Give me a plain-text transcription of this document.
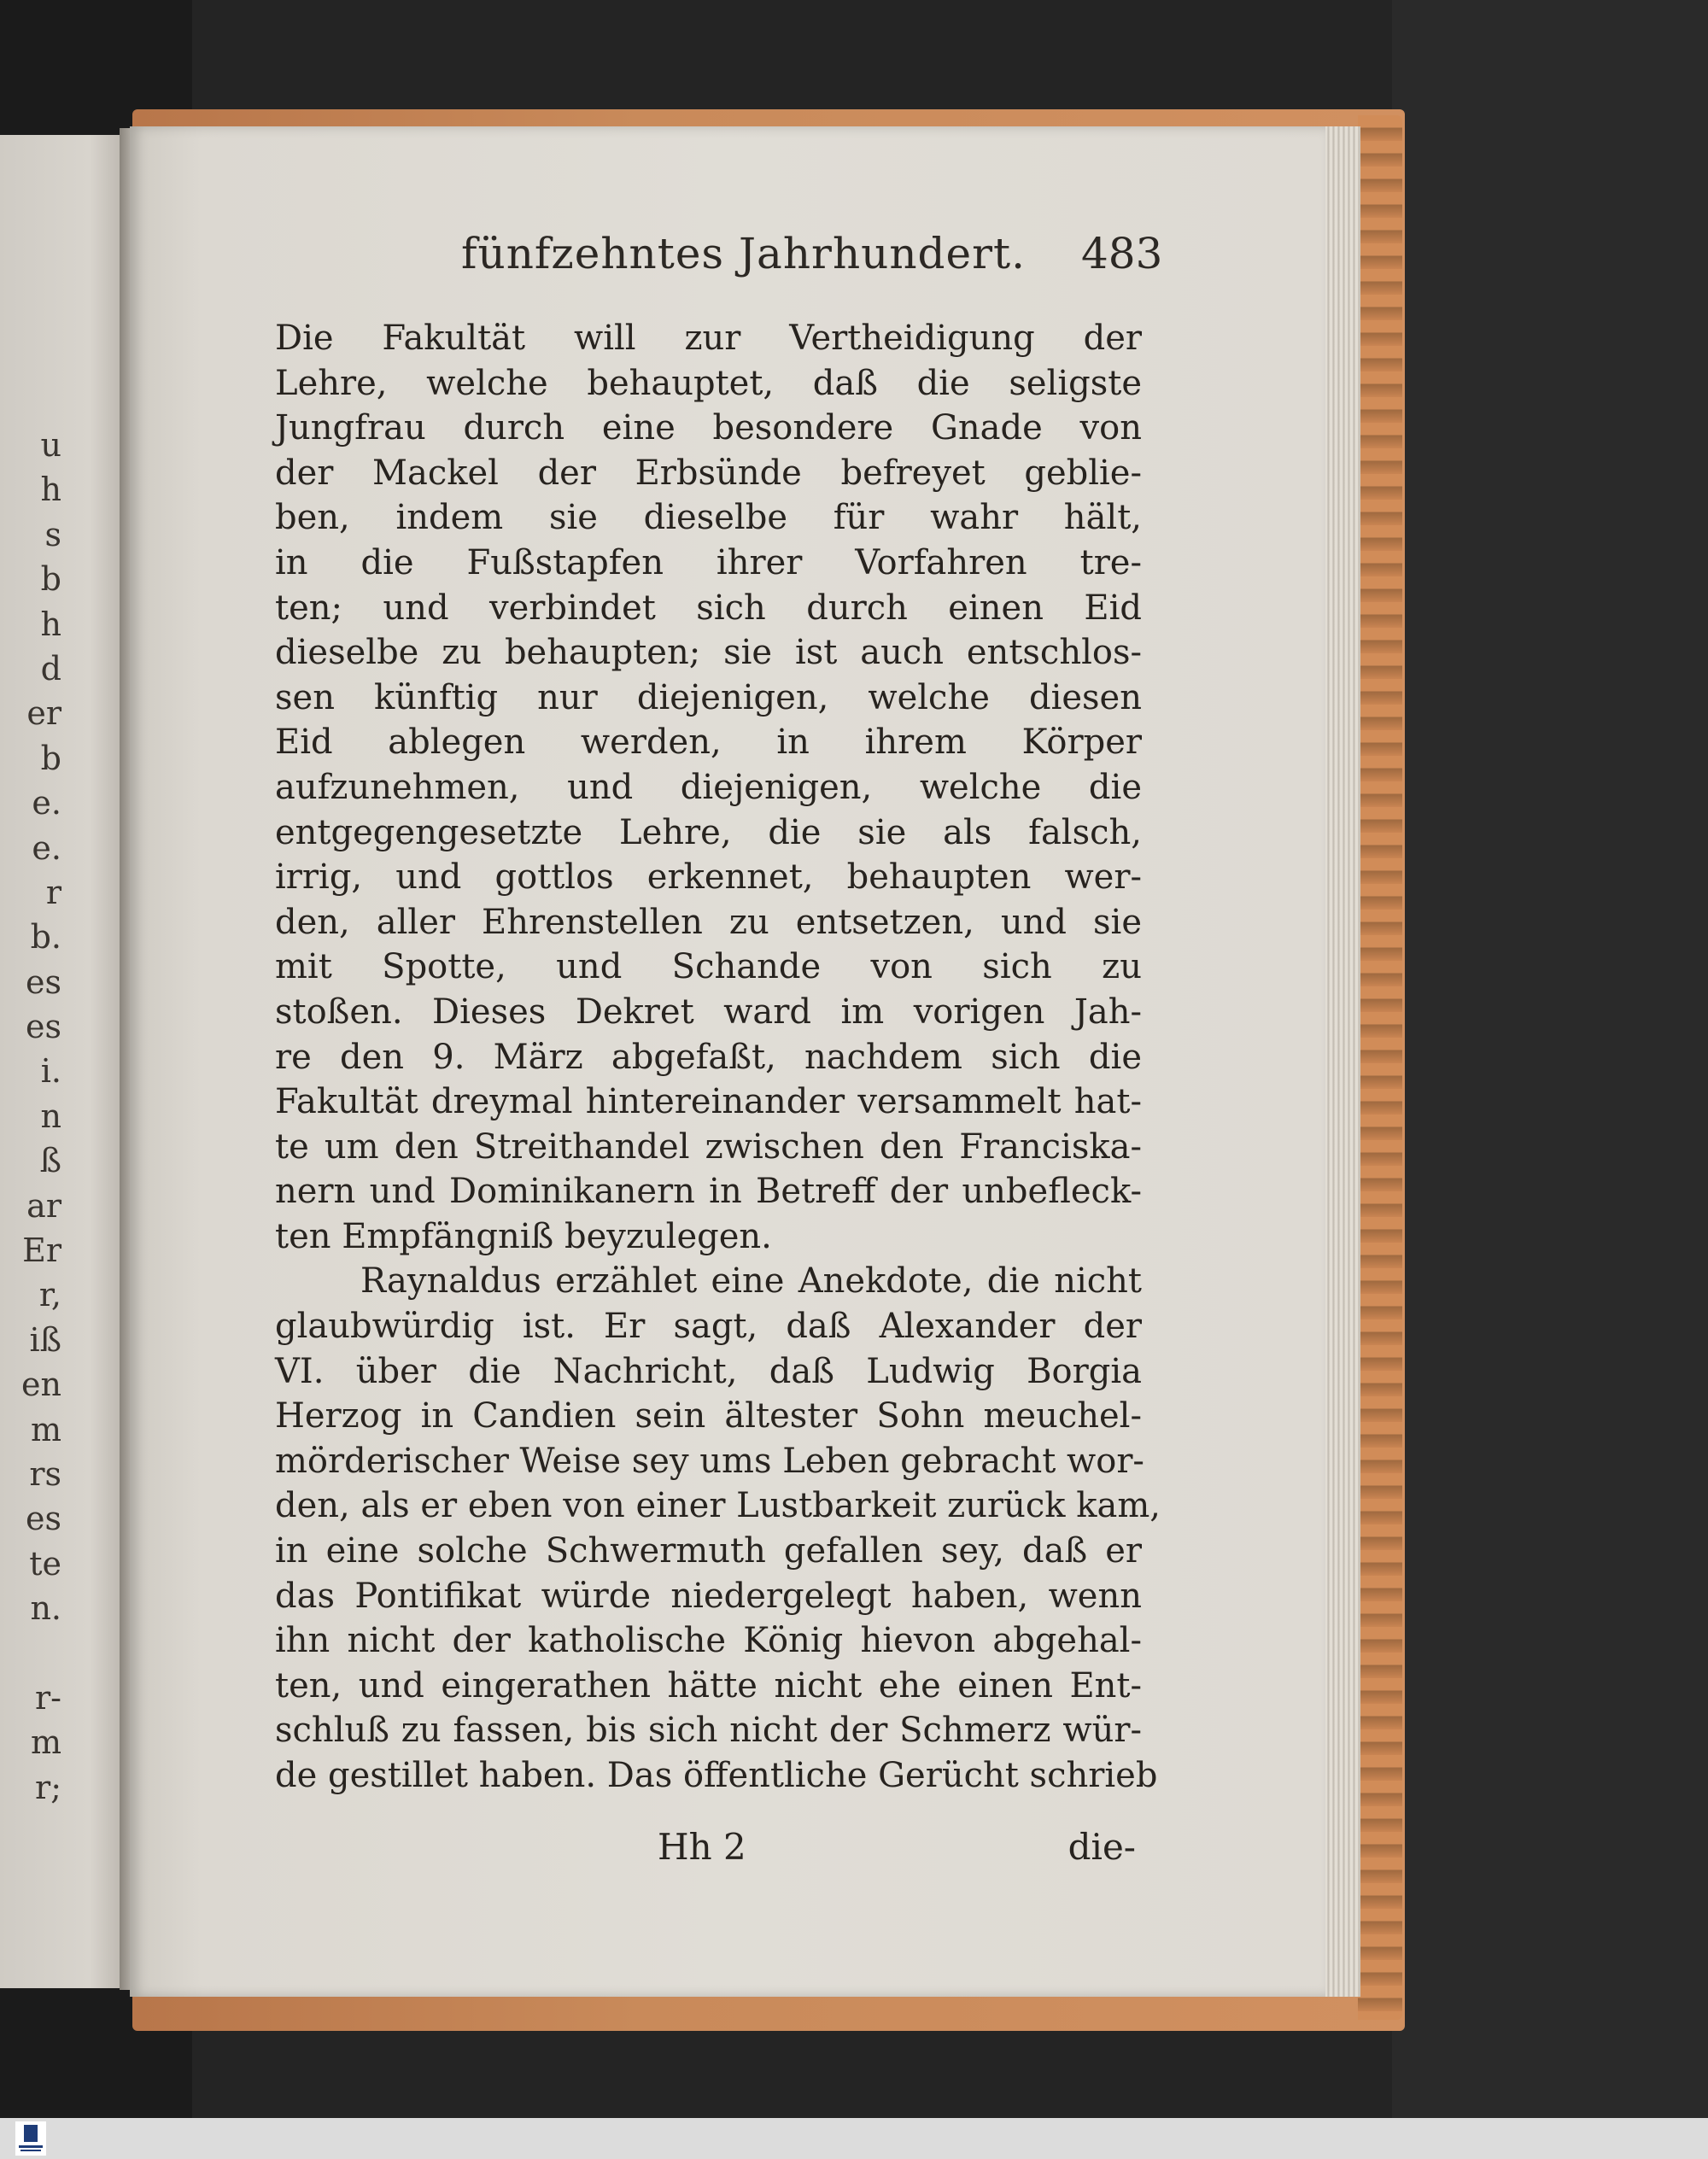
u
h
s
b
h
d
er
b
e.
e.
r
b.
es
es
i.
n
ß
ar
Er
r,
iß
en
m
rs
es
te
n.
r-
m
r;
fünfzehntes Jahrhundert. 483
Die Fakultät will zur Vertheidigung der
Lehre, welche behauptet, daß die seligste
Jungfrau durch eine besondere Gnade von
der Mackel der Erbsünde befreyet geblie-
ben, indem sie dieselbe für wahr hält,
in die Fußstapfen ihrer Vorfahren tre-
ten; und verbindet sich durch einen Eid
dieselbe zu behaupten; sie ist auch entschlos-
sen künftig nur diejenigen, welche diesen
Eid ablegen werden, in ihrem Körper
aufzunehmen, und diejenigen, welche die
entgegengesetzte Lehre, die sie als falsch,
irrig, und gottlos erkennet, behaupten wer-
den, aller Ehrenstellen zu entsetzen, und sie
mit Spotte, und Schande von sich zu
stoßen. Dieses Dekret ward im vorigen Jah-
re den 9. März abgefaßt, nachdem sich die
Fakultät dreymal hintereinander versammelt hat-
te um den Streithandel zwischen den Franciska-
nern und Dominikanern in Betreff der unbefleck-
ten Empfängniß beyzulegen.
Raynaldus erzählet eine Anekdote, die nicht
glaubwürdig ist. Er sagt, daß Alexander der
VI. über die Nachricht, daß Ludwig Borgia
Herzog in Candien sein ältester Sohn meuchel-
mörderischer Weise sey ums Leben gebracht wor-
den, als er eben von einer Lustbarkeit zurück kam,
in eine solche Schwermuth gefallen sey, daß er
das Pontifikat würde niedergelegt haben, wenn
ihn nicht der katholische König hievon abgehal-
ten, und eingerathen hätte nicht ehe einen Ent-
schluß zu fassen, bis sich nicht der Schmerz wür-
de gestillet haben. Das öffentliche Gerücht schrieb
Hh 2	die-
